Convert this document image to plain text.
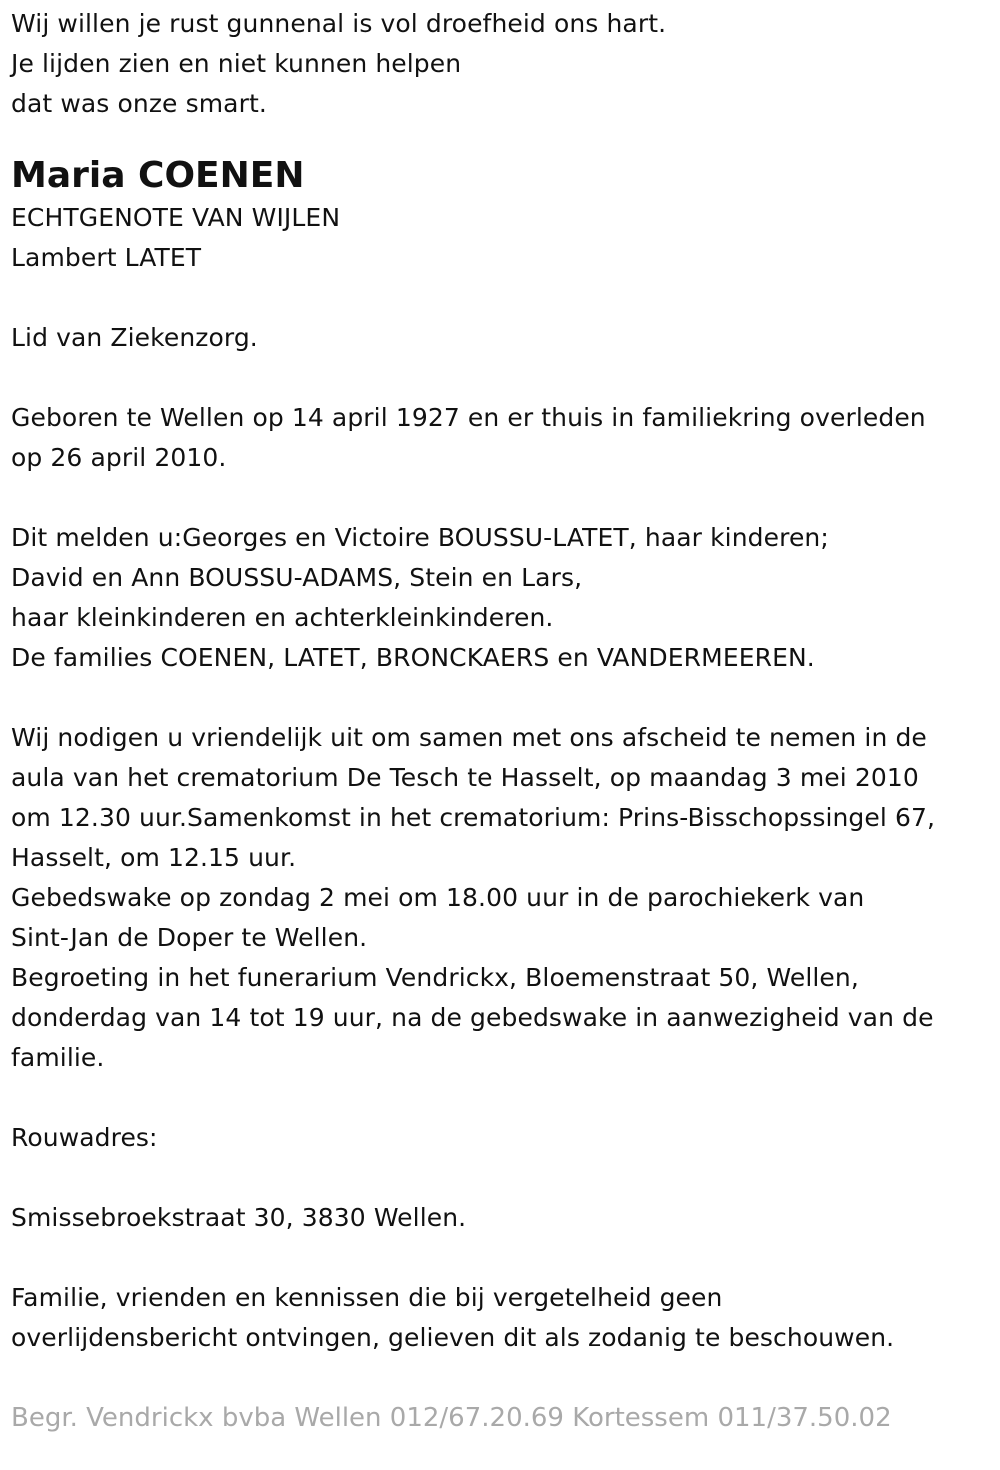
Wij willen je rust gunnenal is vol droefheid ons hart.
Je lijden zien en niet kunnen helpen
dat was onze smart.
Maria COENEN
ECHTGENOTE VAN WIJLEN
Lambert LATET
Lid van Ziekenzorg.
Geboren te Wellen op 14 april 1927 en er thuis in familiekring overleden
op 26 april 2010.
Dit melden u:Georges en Victoire BOUSSU-LATET, haar kinderen;
David en Ann BOUSSU-ADAMS, Stein en Lars,
haar kleinkinderen en achterkleinkinderen.
De families COENEN, LATET, BRONCKAERS en VANDERMEEREN.
Wij nodigen u vriendelijk uit om samen met ons afscheid te nemen in de
aula van het crematorium De Tesch te Hasselt, op maandag 3 mei 2010
om 12.30 uur.Samenkomst in het crematorium: Prins-Bisschopssingel 67,
Hasselt, om 12.15 uur.
Gebedswake op zondag 2 mei om 18.00 uur in de parochiekerk van
Sint-Jan de Doper te Wellen.
Begroeting in het funerarium Vendrickx, Bloemenstraat 50, Wellen,
donderdag van 14 tot 19 uur, na de gebedswake in aanwezigheid van de
familie.
Rouwadres:
Smissebroekstraat 30, 3830 Wellen.
Familie, vrienden en kennissen die bij vergetelheid geen
overlijdensbericht ontvingen, gelieven dit als zodanig te beschouwen.
Begr. Vendrickx bvba Wellen 012/67.20.69 Kortessem 011/37.50.02
